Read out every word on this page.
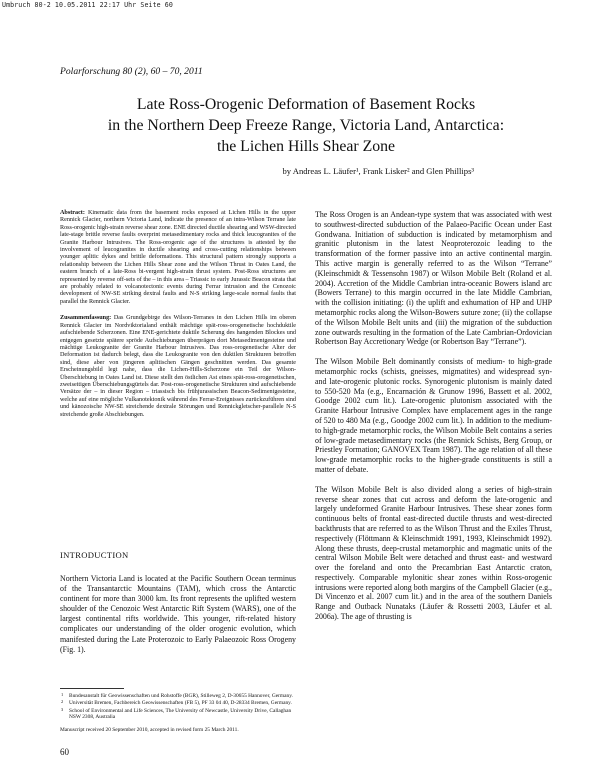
Umbruch 80-2 10.05.2011 22:17 Uhr Seite 60
Polarforschung 80 (2), 60 – 70, 2011
Late Ross-Orogenic Deformation of Basement Rocks
in the Northern Deep Freeze Range, Victoria Land, Antarctica:
the Lichen Hills Shear Zone
by Andreas L. Läufer¹, Frank Lisker² and Glen Phillips³

Abstract: Kinematic data from the basement rocks exposed at Lichen Hills in the upper Rennick Glacier, northern Victoria Land, indicate the presence of an intra-Wilson Terrane late Ross-orogenic high-strain reverse shear zone. ENE directed ductile shearing and WSW-directed late-stage brittle reverse faults overprint metasedimentary rocks and thick leucogranites of the Granite Harbour Intrusives. The Ross-orogenic age of the structures is attested by the involvement of leucogranites in ductile shearing and cross-cutting relationships between younger aplitic dykes and brittle deformations. This structural pattern strongly supports a relationship between the Lichen Hills Shear zone and the Wilson Thrust in Oates Land, the eastern branch of a late-Ross bi-vergent high-strain thrust system. Post-Ross structures are represented by reverse off-sets of the – in this area – Triassic to early Jurassic Beacon strata that are probably related to volcanotectonic events during Ferrar intrusion and the Cenozoic development of NW-SE striking dextral faults and N-S striking large-scale normal faults that parallel the Rennick Glacier.

Zusammenfassung: Das Grundgebirge des Wilson-Terranes in den Lichen Hills im oberen Rennick Glacier im Nordviktorialand enthält mächtige spät-ross-orogenetische hochduktile aufschiebende Scherzonen. Eine ENE-gerichtete duktile Scherung des hangenden Blockes und entgegen gesetzte spätere spröde Aufschiebungen überprägen dort Metasedimentgesteine und mächtige Leukogranite der Granite Harbour Intrusives. Das ross-orogenetische Alter der Deformation ist dadurch belegt, dass die Leukogranite von den duktilen Strukturen betroffen sind, diese aber von jüngeren aplitischen Gängen geschnitten werden. Das gesamte Erscheinungsbild legt nahe, dass die Lichen-Hills-Scherzone ein Teil der Wilson-Überschiebung in Oates Land ist. Diese stellt den östlichen Ast eines spät-ross-orogenetischen, zweiseitigen Überschiebungsgürtels dar. Post-ross-orogenetische Strukturen sind aufschiebende Versätze der – in dieser Region – triassisch bis frühjurassischen Beacon-Sedimentgesteine, welche auf eine mögliche Vulkanotektonik während des Ferrar-Ereignisses zurückzuführen sind und känozoische NW-SE streichende dextrale Störungen und Rennickgletscher-parallele N-S streichende große Abschiebungen.

INTRODUCTION
Northern Victoria Land is located at the Pacific Southern Ocean terminus of the Transantarctic Mountains (TAM), which cross the Antarctic continent for more than 3000 km. Its front represents the uplifted western shoulder of the Cenozoic West Antarctic Rift System (WARS), one of the largest continental rifts worldwide. This younger, rift-related history complicates our understanding of the older orogenic evolution, which manifested during the Late Proterozoic to Early Palaeozoic Ross Orogeny (Fig. 1).
1 Bundesanstalt für Geowissenschaften und Rohstoffe (BGR), Stilleweg 2, D-30655 Hannover, Germany.
2 Universität Bremen, Fachbereich Geowissenschaften (FB 5), PF 33 04 40, D-28334 Bremen, Germany.
3 School of Environmental and Life Sciences, The University of Newcastle, University Drive, Callaghan NSW 2308, Australia
Manuscript received 20 September 2010, accepted in revised form 25 March 2011.

The Ross Orogen is an Andean-type system that was associated with west to southwest-directed subduction of the Palaeo-Pacific Ocean under East Gondwana. Initiation of subduction is indicated by metamorphism and granitic plutonism in the latest Neoproterozoic leading to the transformation of the former passive into an active continental margin. This active margin is generally referred to as the Wilson “Terrane” (Kleinschmidt & Tessensohn 1987) or Wilson Mobile Belt (Roland et al. 2004). Accretion of the Middle Cambrian intra-oceanic Bowers island arc (Bowers Terrane) to this margin occurred in the late Middle Cambrian, with the collision initiating: (i) the uplift and exhumation of HP and UHP metamorphic rocks along the Wilson-Bowers suture zone; (ii) the collapse of the Wilson Mobile Belt units and (iii) the migration of the subduction zone outwards resulting in the formation of the Late Cambrian-Ordovician Robertson Bay Accretionary Wedge (or Robertson Bay “Terrane”).

The Wilson Mobile Belt dominantly consists of medium- to high-grade metamorphic rocks (schists, gneisses, migmatites) and widespread syn- and late-orogenic plutonic rocks. Synorogenic plutonism is mainly dated to 550-520 Ma (e.g., Encarnación & Grunow 1996, Bassett et al. 2002, Goodge 2002 cum lit.). Late-orogenic plutonism associated with the Granite Harbour Intrusive Complex have emplacement ages in the range of 520 to 480 Ma (e.g., Goodge 2002 cum lit.). In addition to the medium- to high-grade metamorphic rocks, the Wilson Mobile Belt contains a series of low-grade metasedimentary rocks (the Rennick Schists, Berg Group, or Priestley Formation; GANOVEX Team 1987). The age relation of all these low-grade metamorphic rocks to the higher-grade constituents is still a matter of debate.

The Wilson Mobile Belt is also divided along a series of high-strain reverse shear zones that cut across and deform the late-orogenic and largely undeformed Granite Harbour Intrusives. These shear zones form continuous belts of frontal east-directed ductile thrusts and west-directed backthrusts that are referred to as the Wilson Thrust and the Exiles Thrust, respectively (Flöttmann & Kleinschmidt 1991, 1993, Kleinschmidt 1992). Along these thrusts, deep-crustal metamorphic and magmatic units of the central Wilson Mobile Belt were detached and thrust east- and westward over the foreland and onto the Precambrian East Antarctic craton, respectively. Comparable mylonitic shear zones within Ross-orogenic intrusions were reported along both margins of the Campbell Glacier (e.g., Di Vincenzo et al. 2007 cum lit.) and in the area of the southern Daniels Range and Outback Nunataks (Läufer & Rossetti 2003, Läufer et al. 2006a). The age of thrusting is

60
